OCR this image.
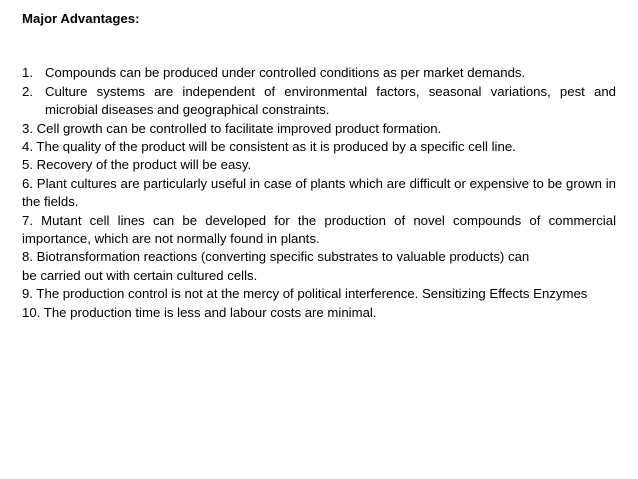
Major Advantages:

1. Compounds can be produced under controlled conditions as per market demands.
2. Culture systems are independent of environmental factors, seasonal variations, pest and microbial diseases and geographical constraints.

3. Cell growth can be controlled to facilitate improved product formation.

4. The quality of the product will be consistent as it is produced by a specific cell line.

5. Recovery of the product will be easy.

6. Plant cultures are particularly useful in case of plants which are difficult or expensive to be grown in the fields.

7. Mutant cell lines can be developed for the production of novel compounds of commercial importance, which are not normally found in plants.

8. Biotransformation reactions (converting specific substrates to valuable products) can

be carried out with certain cultured cells.

9. The production control is not at the mercy of political interference. Sensitizing Effects Enzymes

10. The production time is less and labour costs are minimal.
